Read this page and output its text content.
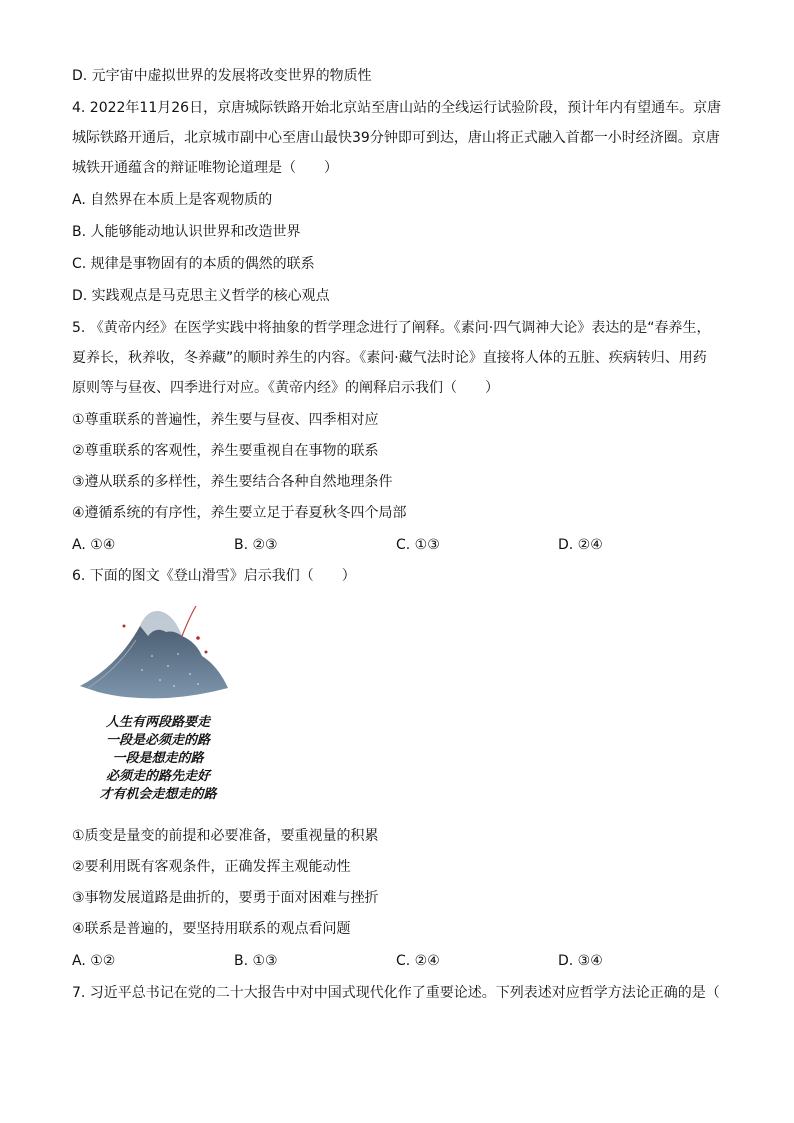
D. 元宇宙中虚拟世界的发展将改变世界的物质性
4. 2022年11月26日，京唐城际铁路开始北京站至唐山站的全线运行试验阶段，预计年内有望通车。京唐
城际铁路开通后，北京城市副中心至唐山最快39分钟即可到达，唐山将正式融入首都一小时经济圈。京唐
城铁开通蕴含的辩证唯物论道理是（　　）
A. 自然界在本质上是客观物质的
B. 人能够能动地认识世界和改造世界
C. 规律是事物固有的本质的偶然的联系
D. 实践观点是马克思主义哲学的核心观点
5. 《黄帝内经》在医学实践中将抽象的哲学理念进行了阐释。《素问·四气调神大论》表达的是“春养生，
夏养长，秋养收，冬养藏”的顺时养生的内容。《素问·藏气法时论》直接将人体的五脏、疾病转归、用药
原则等与昼夜、四季进行对应。《黄帝内经》的阐释启示我们（　　）
①尊重联系的普遍性，养生要与昼夜、四季相对应
②尊重联系的客观性，养生要重视自在事物的联系
③遵从联系的多样性，养生要结合各种自然地理条件
④遵循系统的有序性，养生要立足于春夏秋冬四个局部
A. ①④	B. ②③	C. ①③	D. ②④
6. 下面的图文《登山滑雪》启示我们（　　）
人生有两段路要走
一段是必须走的路
一段是想走的路
必须走的路先走好
才有机会走想走的路
①质变是量变的前提和必要准备，要重视量的积累
②要利用既有客观条件，正确发挥主观能动性
③事物发展道路是曲折的，要勇于面对困难与挫折
④联系是普遍的，要坚持用联系的观点看问题
A. ①②	B. ①③	C. ②④	D. ③④
7. 习近平总书记在党的二十大报告中对中国式现代化作了重要论述。下列表述对应哲学方法论正确的是（
